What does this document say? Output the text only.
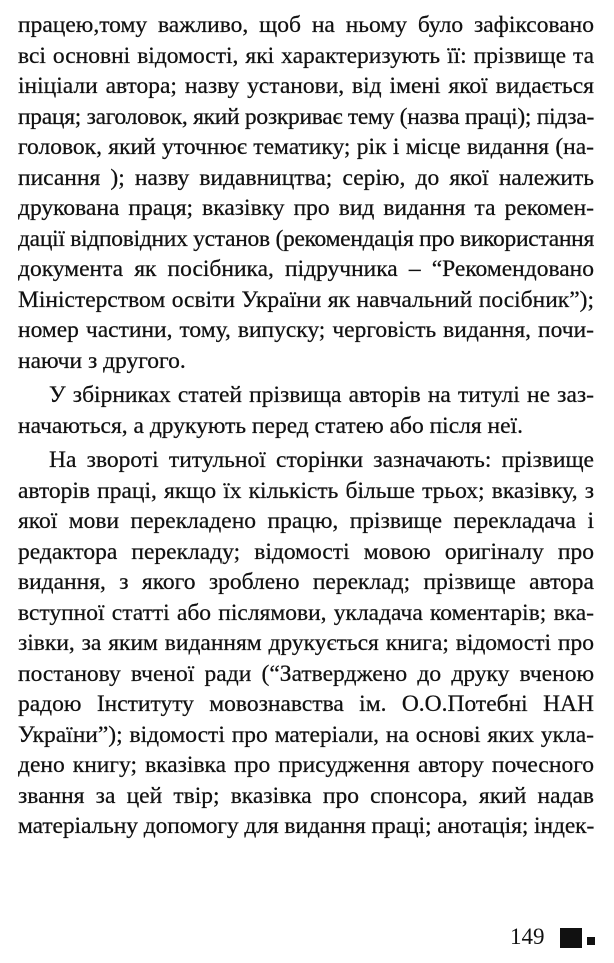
працею,тому важливо, щоб на ньому було зафіксовано
всі основні відомості, які характеризують її: прізвище та
ініціали автора; назву установи, від імені якої видається
праця; заголовок, який розкриває тему (назва праці); підза-
головок, який уточнює тематику; рік і місце видання (на-
писання ); назву видавництва; серію, до якої належить
друкована праця; вказівку про вид видання та рекомен-
дації відповідних установ (рекомендація про використання
документа як посібника, підручника – “Рекомендовано
Міністерством освіти України як навчальний посібник”);
номер частини, тому, випуску; черговість видання, почи-
наючи з другого.
У збірниках статей прізвища авторів на титулі не заз-
начаються, а друкують перед статею або після неї.
На звороті титульної сторінки зазначають: прізвище
авторів праці, якщо їх кількість більше трьох; вказівку, з
якої мови перекладено працю, прізвище перекладача і
редактора перекладу; відомості мовою оригіналу про
видання, з якого зроблено переклад; прізвище автора
вступної статті або післямови, укладача коментарів; вка-
зівки, за яким виданням друкується книга; відомості про
постанову вченої ради (“Затверджено до друку вченою
радою Інституту мовознавства ім. О.О.Потебні НАН
України”); відомості про матеріали, на основі яких укла-
дено книгу; вказівка про присудження автору почесного
звання за цей твір; вказівка про спонсора, який надав
матеріальну допомогу для видання праці; анотація; індек-
149
